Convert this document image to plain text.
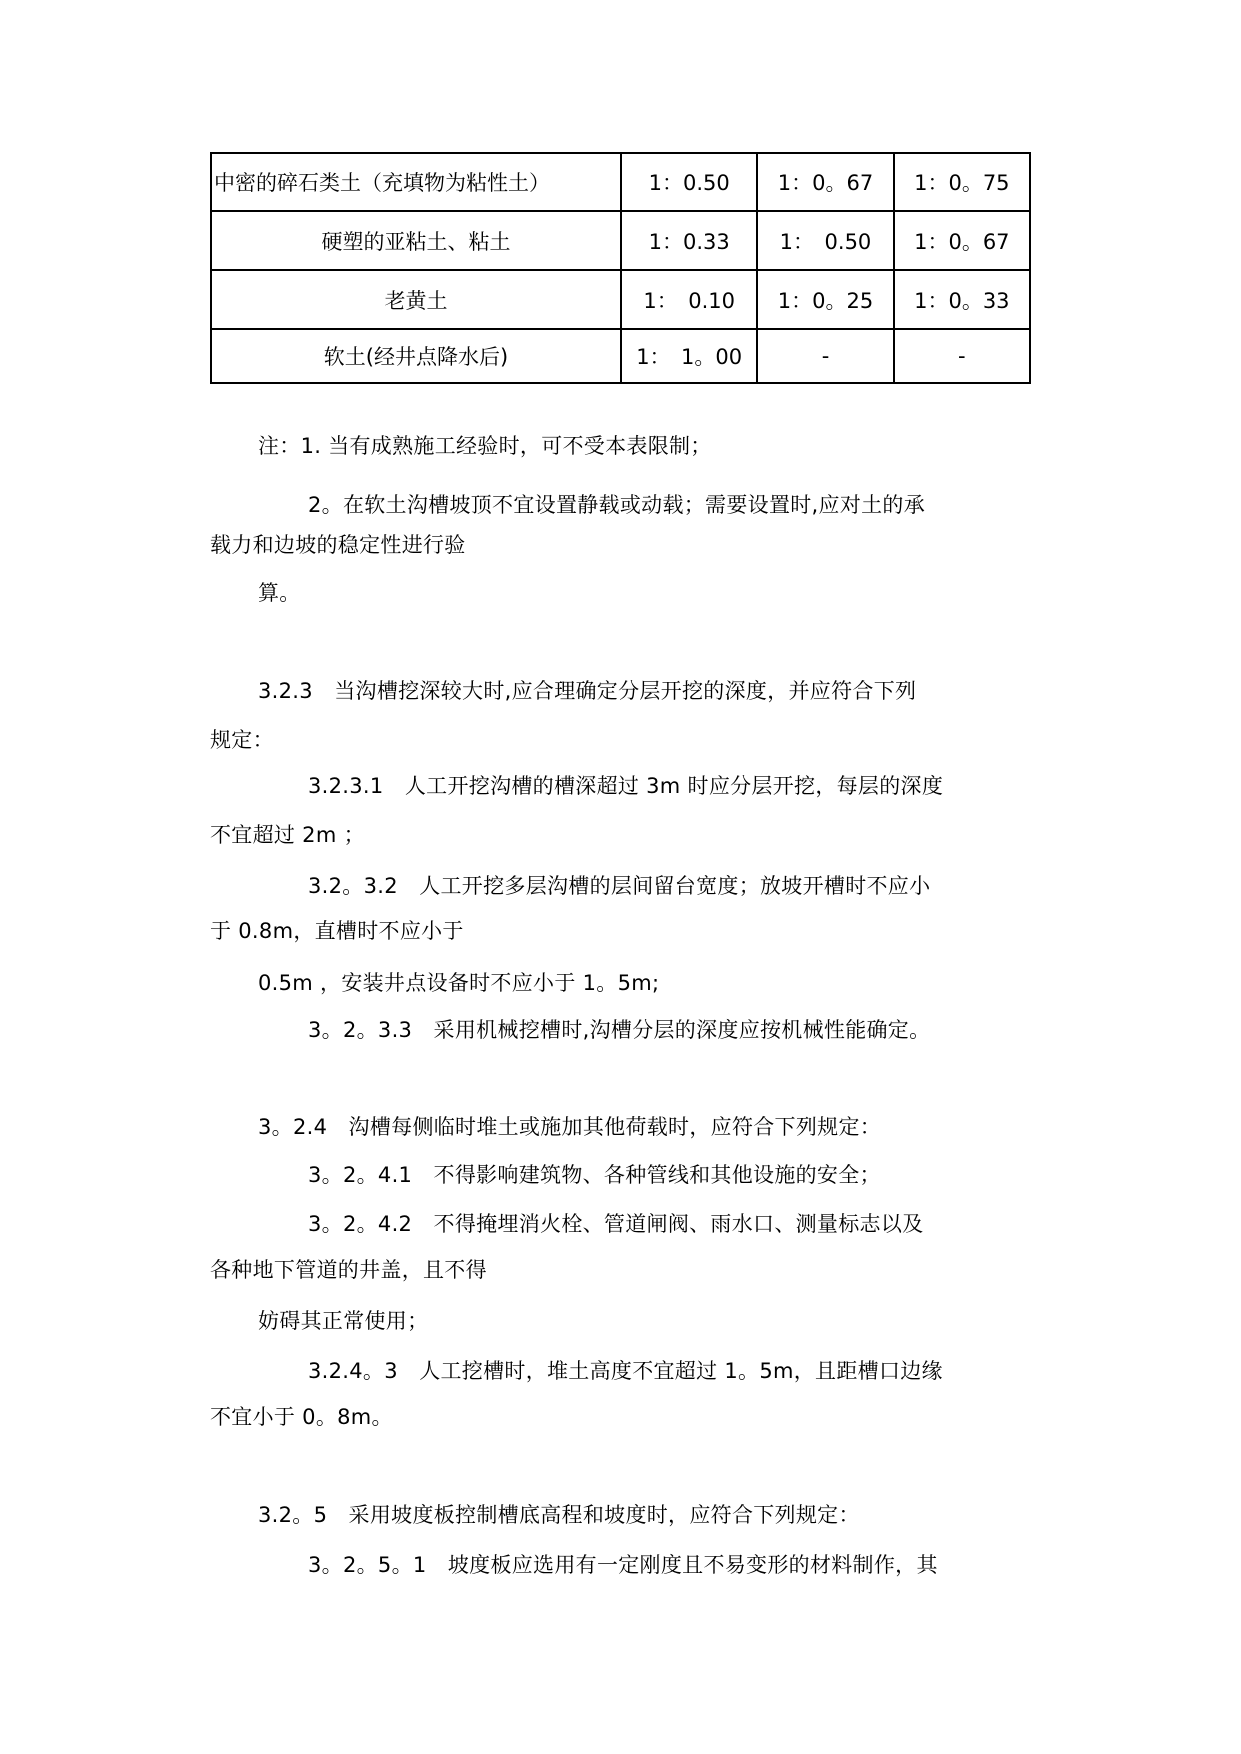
中密的碎石类土（充填物为粘性土）	1：0.50	1：0。67	1：0。75
硬塑的亚粘土、粘土	1：0.33	1：　0.50	1：0。67
老黄土	1：　0.10	1：0。25	1：0。33
软土(经井点降水后)	1：　1。00	-	-
注：1. 当有成熟施工经验时，可不受本表限制；
2。在软土沟槽坡顶不宜设置静载或动载；需要设置时,应对土的承
载力和边坡的稳定性进行验
算。
3.2.3　当沟槽挖深较大时,应合理确定分层开挖的深度，并应符合下列
规定：
3.2.3.1　人工开挖沟槽的槽深超过 3m 时应分层开挖，每层的深度
不宜超过 2m ；
3.2。3.2　人工开挖多层沟槽的层间留台宽度；放坡开槽时不应小
于 0.8m，直槽时不应小于
0.5m ，安装井点设备时不应小于 1。5m;
3。2。3.3　采用机械挖槽时,沟槽分层的深度应按机械性能确定。
3。2.4　沟槽每侧临时堆土或施加其他荷载时，应符合下列规定：
3。2。4.1　不得影响建筑物、各种管线和其他设施的安全；
3。2。4.2　不得掩埋消火栓、管道闸阀、雨水口、测量标志以及
各种地下管道的井盖，且不得
妨碍其正常使用；
3.2.4。3　人工挖槽时，堆土高度不宜超过 1。5m，且距槽口边缘
不宜小于 0。8m。
3.2。5　采用坡度板控制槽底高程和坡度时，应符合下列规定：
3。2。5。1　坡度板应选用有一定刚度且不易变形的材料制作，其
